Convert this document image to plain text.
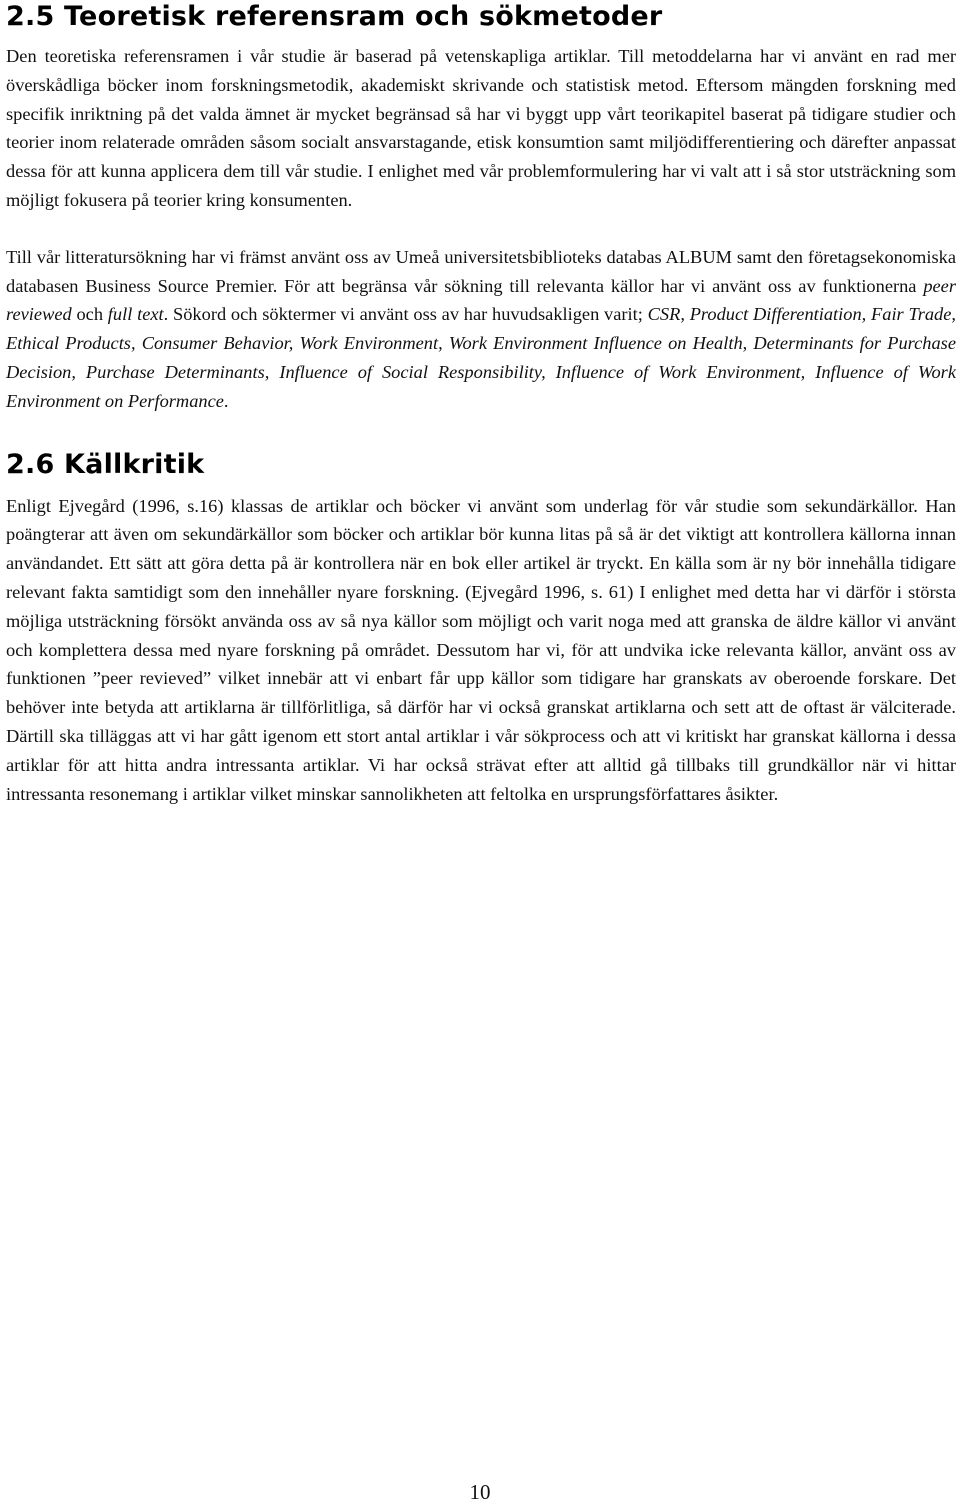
2.5 Teoretisk referensram och sökmetoder

Den teoretiska referensramen i vår studie är baserad på vetenskapliga artiklar. Till metoddelarna har vi använt en rad mer överskådliga böcker inom forskningsmetodik, akademiskt skrivande och statistisk metod. Eftersom mängden forskning med specifik inriktning på det valda ämnet är mycket begränsad så har vi byggt upp vårt teorikapitel baserat på tidigare studier och teorier inom relaterade områden såsom socialt ansvarstagande, etisk konsumtion samt miljödifferentiering och därefter anpassat dessa för att kunna applicera dem till vår studie. I enlighet med vår problemformulering har vi valt att i så stor utsträckning som möjligt fokusera på teorier kring konsumenten.

Till vår litteratursökning har vi främst använt oss av Umeå universitetsbiblioteks databas ALBUM samt den företagsekonomiska databasen Business Source Premier. För att begränsa vår sökning till relevanta källor har vi använt oss av funktionerna peer reviewed och full text. Sökord och söktermer vi använt oss av har huvudsakligen varit; CSR, Product Differentiation, Fair Trade, Ethical Products, Consumer Behavior, Work Environment, Work Environment Influence on Health, Determinants for Purchase Decision, Purchase Determinants, Influence of Social Responsibility, Influence of Work Environment, Influence of Work Environment on Performance.

2.6 Källkritik

Enligt Ejvegård (1996, s.16) klassas de artiklar och böcker vi använt som underlag för vår studie som sekundärkällor. Han poängterar att även om sekundärkällor som böcker och artiklar bör kunna litas på så är det viktigt att kontrollera källorna innan användandet. Ett sätt att göra detta på är kontrollera när en bok eller artikel är tryckt. En källa som är ny bör innehålla tidigare relevant fakta samtidigt som den innehåller nyare forskning. (Ejvegård 1996, s. 61) I enlighet med detta har vi därför i största möjliga utsträckning försökt använda oss av så nya källor som möjligt och varit noga med att granska de äldre källor vi använt och komplettera dessa med nyare forskning på området. Dessutom har vi, för att undvika icke relevanta källor, använt oss av funktionen ”peer revieved” vilket innebär att vi enbart får upp källor som tidigare har granskats av oberoende forskare. Det behöver inte betyda att artiklarna är tillförlitliga, så därför har vi också granskat artiklarna och sett att de oftast är välciterade. Därtill ska tilläggas att vi har gått igenom ett stort antal artiklar i vår sökprocess och att vi kritiskt har granskat källorna i dessa artiklar för att hitta andra intressanta artiklar. Vi har också strävat efter att alltid gå tillbaks till grundkällor när vi hittar intressanta resonemang i artiklar vilket minskar sannolikheten att feltolka en ursprungsförfattares åsikter.

10
